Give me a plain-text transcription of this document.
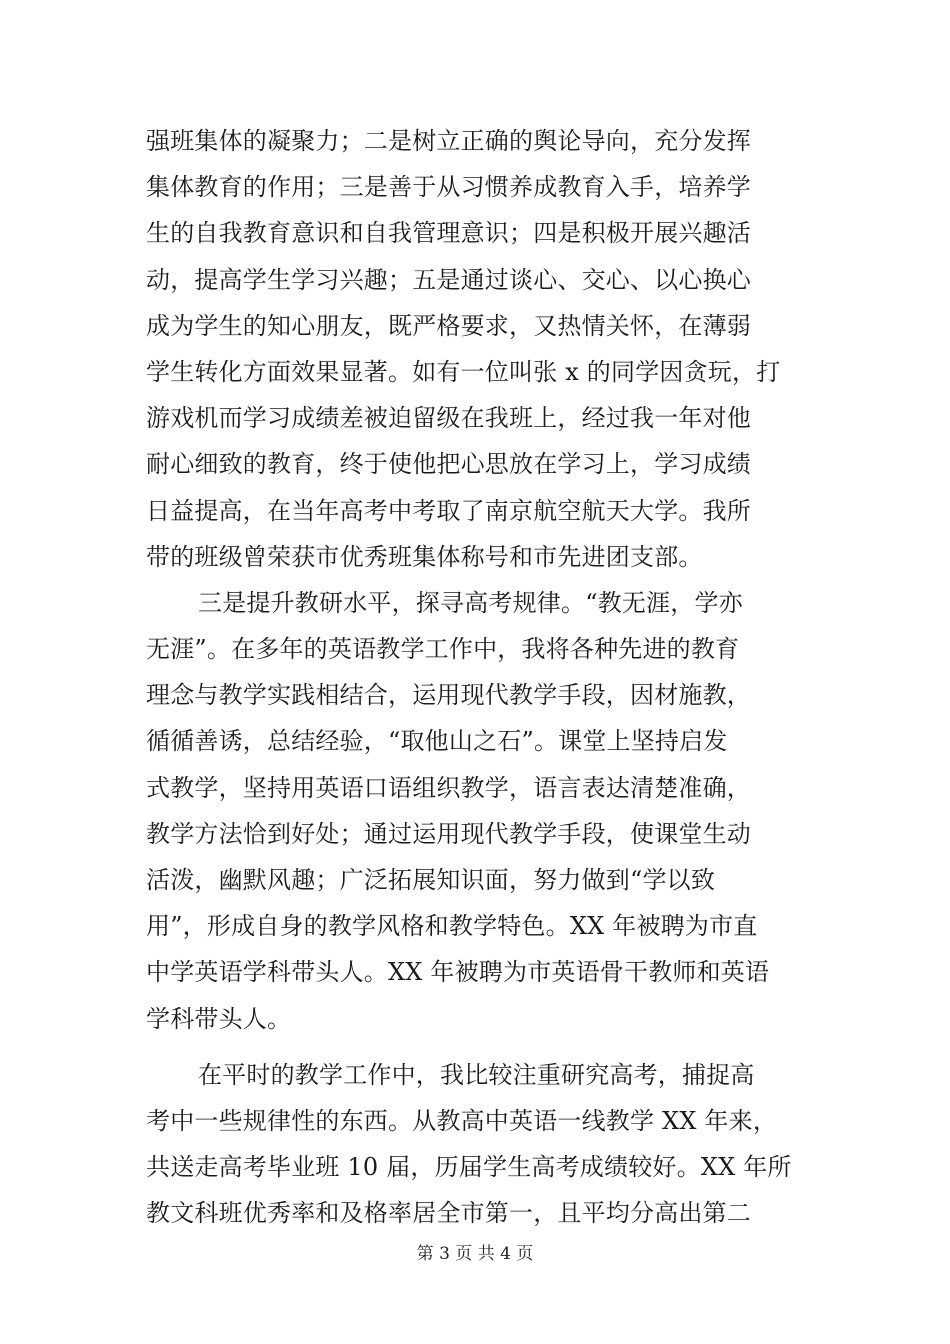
强班集体的凝聚力；二是树立正确的舆论导向，充分发挥
集体教育的作用；三是善于从习惯养成教育入手，培养学
生的自我教育意识和自我管理意识；四是积极开展兴趣活
动，提高学生学习兴趣；五是通过谈心、交心、以心换心
成为学生的知心朋友，既严格要求，又热情关怀，在薄弱
学生转化方面效果显著。如有一位叫张 x 的同学因贪玩，打
游戏机而学习成绩差被迫留级在我班上，经过我一年对他
耐心细致的教育，终于使他把心思放在学习上，学习成绩
日益提高，在当年高考中考取了南京航空航天大学。我所
带的班级曾荣获市优秀班集体称号和市先进团支部。
三是提升教研水平，探寻高考规律。“教无涯，学亦
无涯”。在多年的英语教学工作中，我将各种先进的教育
理念与教学实践相结合，运用现代教学手段，因材施教，
循循善诱，总结经验，“取他山之石”。课堂上坚持启发
式教学，坚持用英语口语组织教学，语言表达清楚准确，
教学方法恰到好处；通过运用现代教学手段，使课堂生动
活泼，幽默风趣；广泛拓展知识面，努力做到“学以致
用”，形成自身的教学风格和教学特色。XX 年被聘为市直
中学英语学科带头人。XX 年被聘为市英语骨干教师和英语
学科带头人。
在平时的教学工作中，我比较注重研究高考，捕捉高
考中一些规律性的东西。从教高中英语一线教学 XX 年来，
共送走高考毕业班 10 届，历届学生高考成绩较好。XX 年所
教文科班优秀率和及格率居全市第一，且平均分高出第二
第 3 页 共 4 页
